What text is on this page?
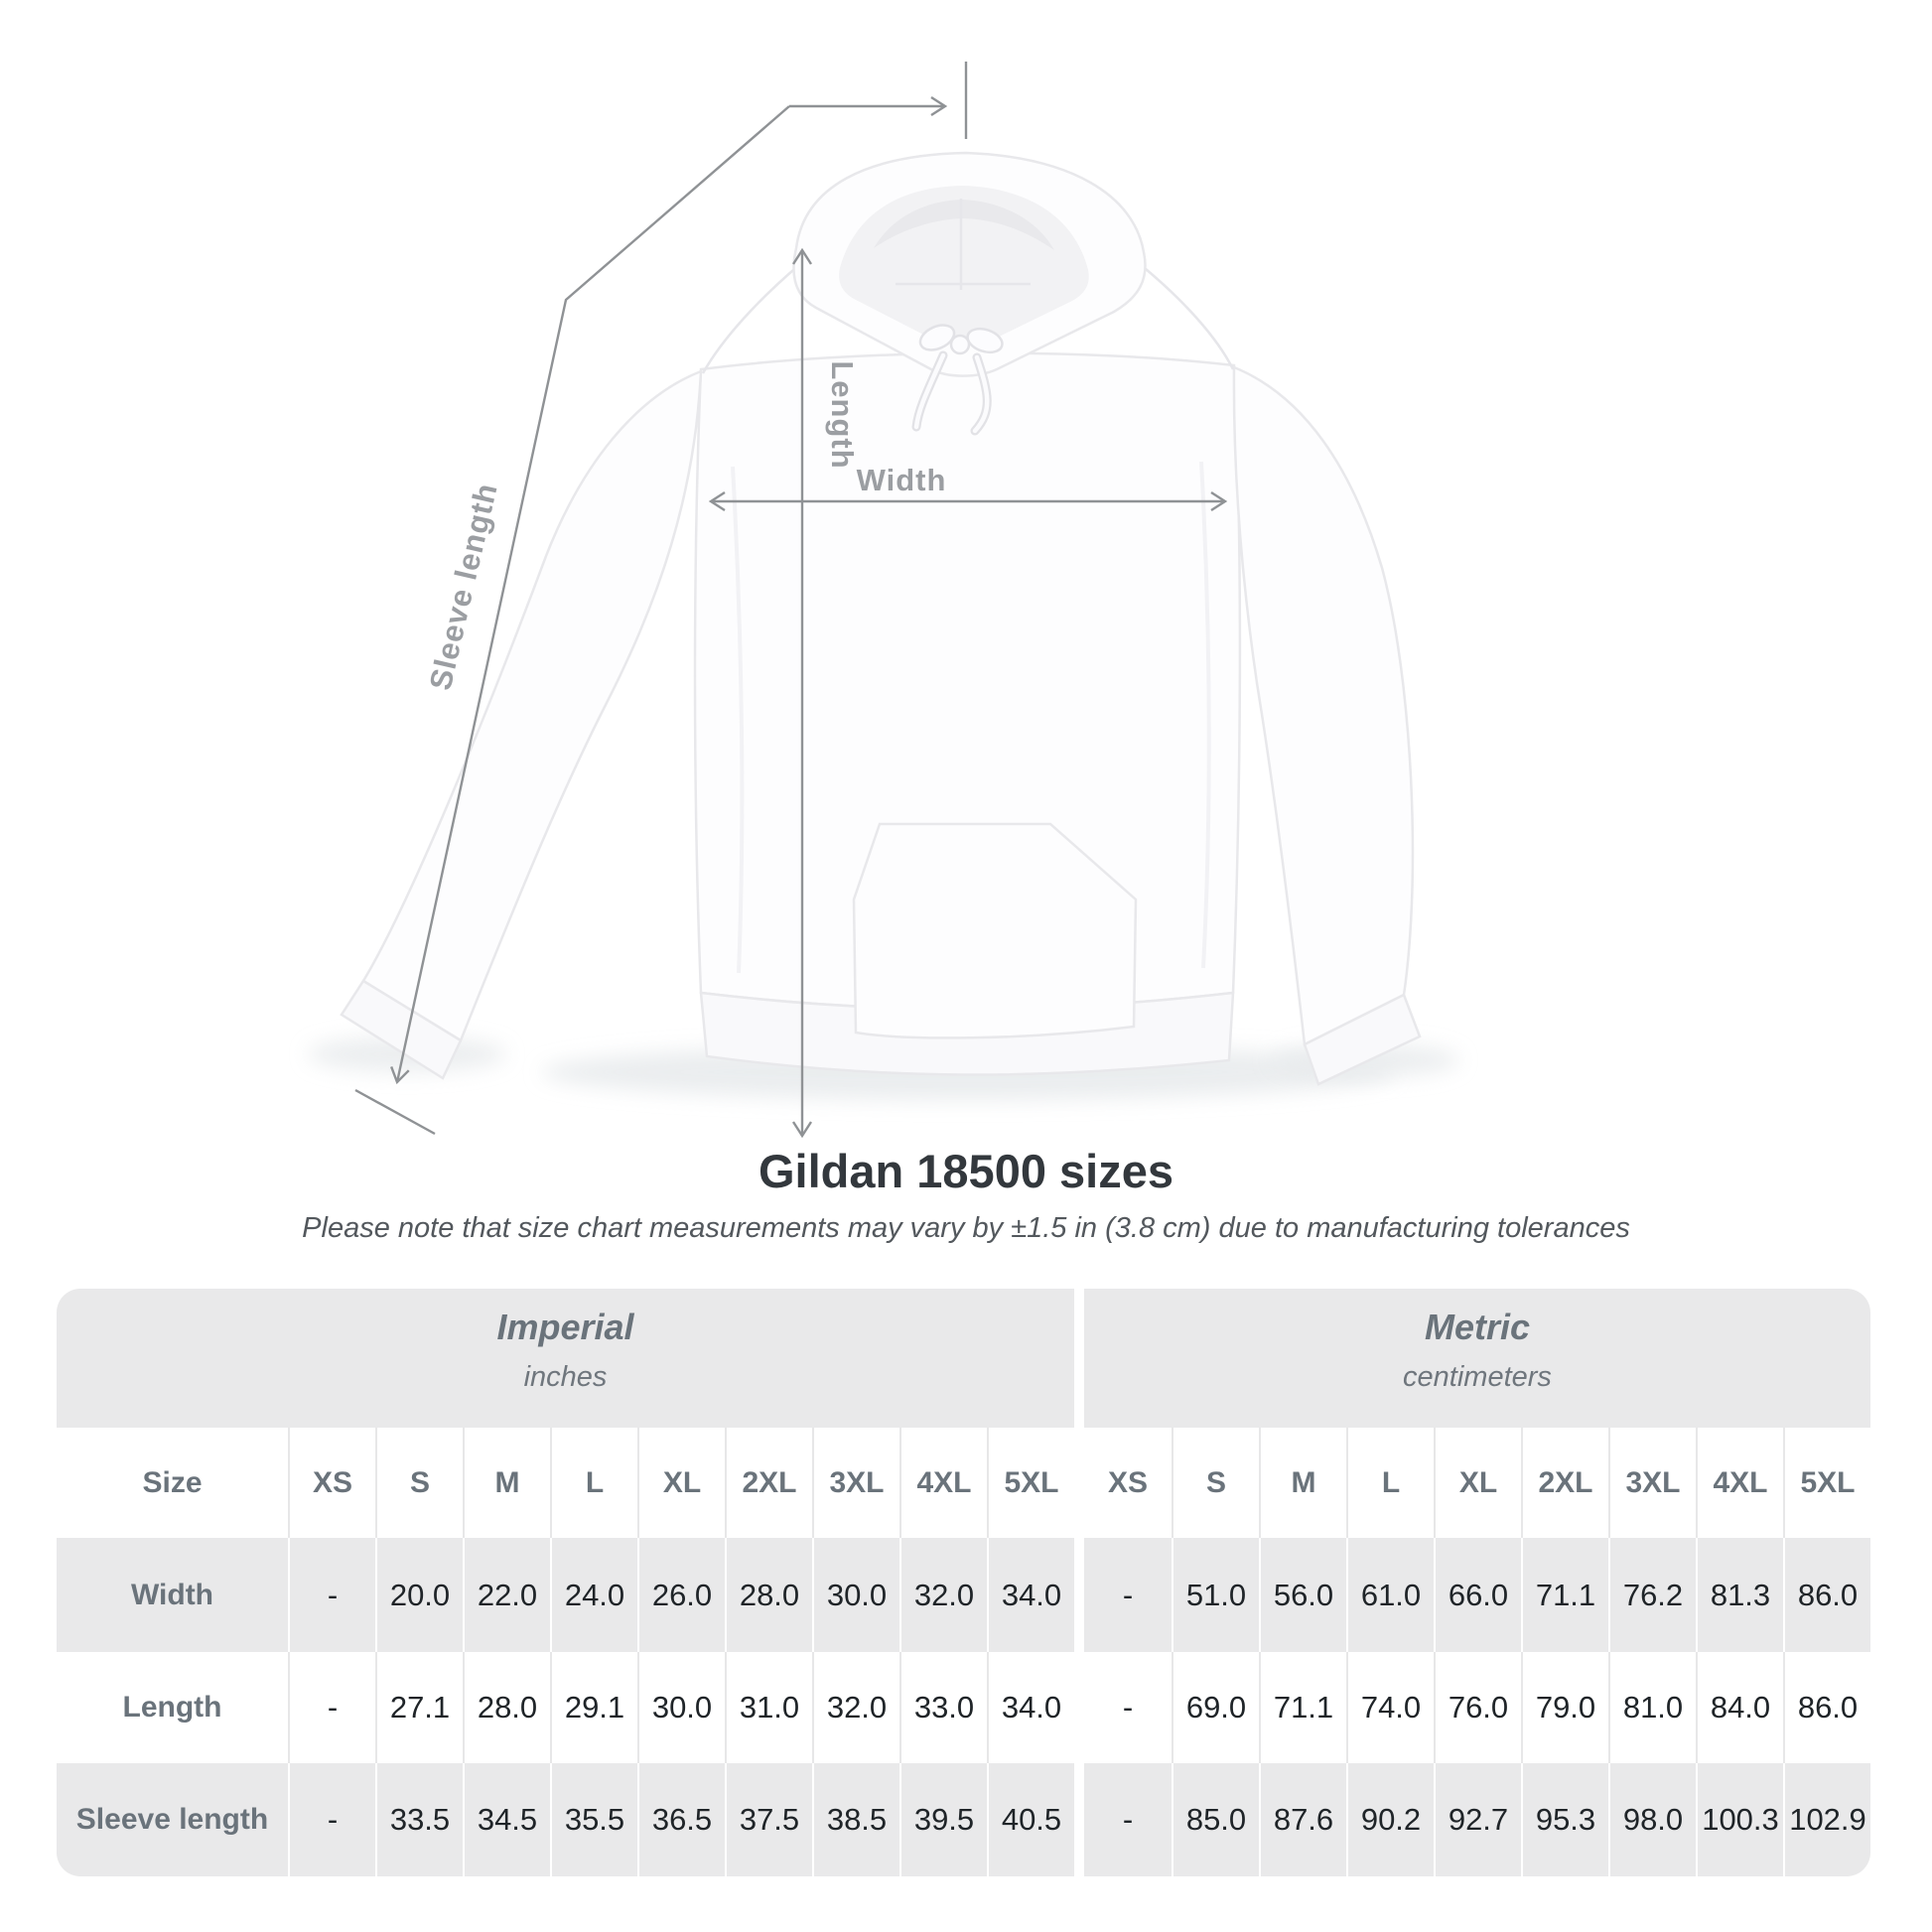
Length
Width
Sleeve length
Gildan 18500 sizes

Please note that size chart measurements may vary by ±1.5 in (3.8 cm) due to manufacturing tolerances

Imperial
inches
Metric
centimeters
Size	XS	S	M	L	XL	2XL	3XL	4XL	5XL	XS	S	M	L	XL	2XL	3XL	4XL	5XL
Width	-	20.0 22.0 24.0 26.0 28.0 30.0 32.0 34.0	-	51.0 56.0 61.0 66.0 71.1 76.2 81.3 86.0
Length	-	27.1 28.0 29.1 30.0 31.0 32.0 33.0 34.0	-	69.0 71.1 74.0 76.0 79.0 81.0 84.0 86.0
Sleeve length	-	33.5 34.5 35.5 36.5 37.5 38.5 39.5 40.5	-	85.0 87.6 90.2 92.7 95.3 98.0 100.3 102.9
